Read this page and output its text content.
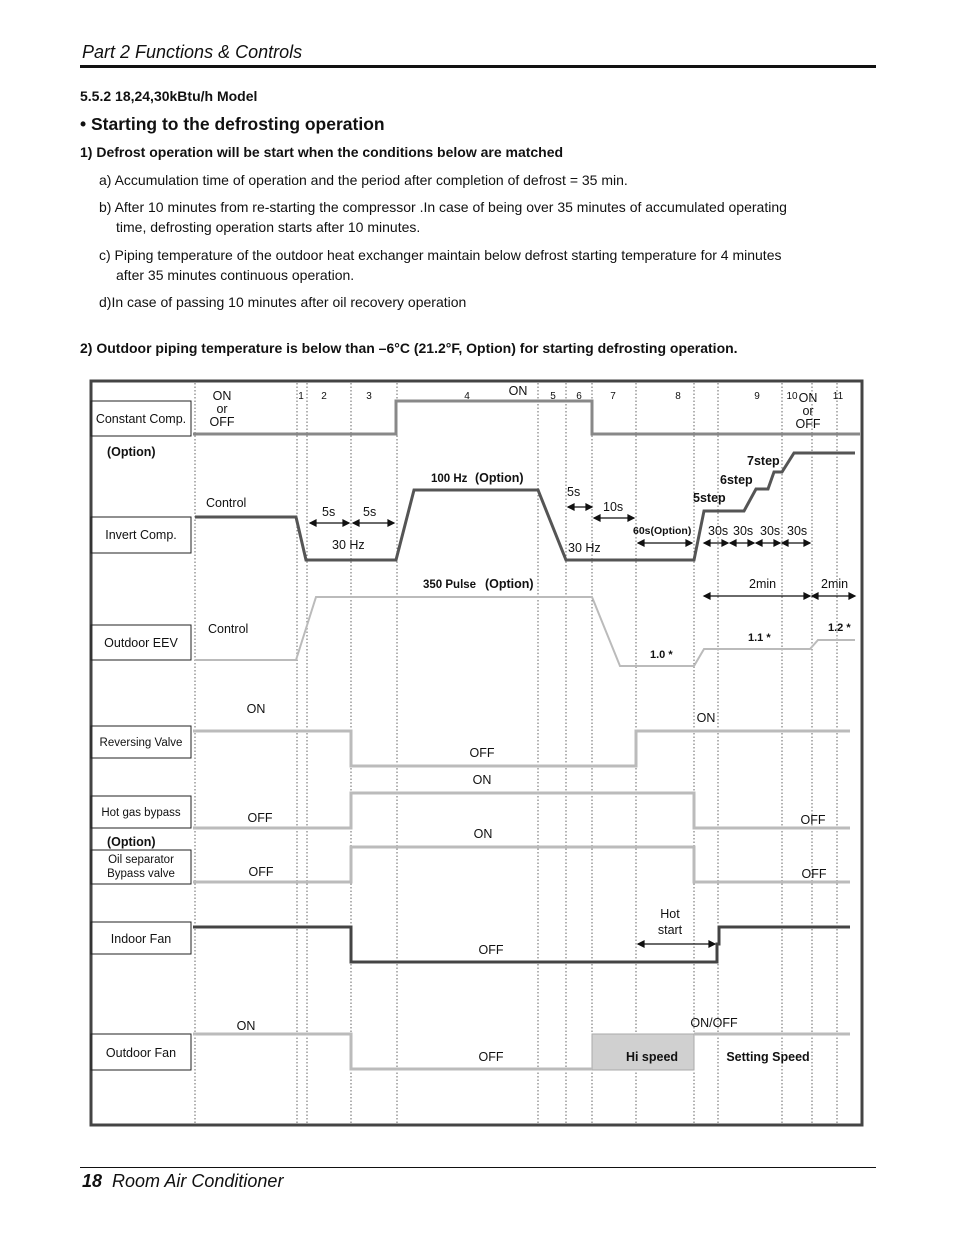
Part 2 Functions & Controls
5.5.2 18,24,30kBtu/h Model
• Starting to the defrosting operation
1) Defrost operation will be start when the conditions below are matched
a) Accumulation time of operation and the period after completion of defrost = 35 min.
b) After 10 minutes from re-starting the compressor .In case of being over 35 minutes of accumulated operating
time, defrosting operation starts after 10 minutes.
c) Piping temperature of the outdoor heat exchanger maintain below defrost starting temperature for 4 minutes
after 35 minutes continuous operation.
d)In case of passing 10 minutes after oil recovery operation
2) Outdoor piping temperature is below than –6°C (21.2°F, Option) for starting defrosting operation.
1 2	3	4	5 6	7	8	9	10	11
Constant Comp.
Invert Comp.
Outdoor EEV
Reversing Valve
Hot gas bypass
Oil separator
Bypass valve
Indoor Fan
Outdoor Fan
ON
or
OFF
ON	ON
or
OFF
(Option)
Control
5s 5s
30 Hz
100 Hz (Option)
5s
10s
30 Hz
60s(Option) 30s 30s 30s 30s
5step
6step
7step
Control
350 Pulse (Option)	2min	2min
1.0 *
1.1 *
1.2 *
ON
OFF
ON
ON
OFF	OFF
(Option)
ON
OFF	OFF
Hot
start
OFF
ON	ON/OFF
OFF	Hi speed	Setting Speed
18 Room Air Conditioner
